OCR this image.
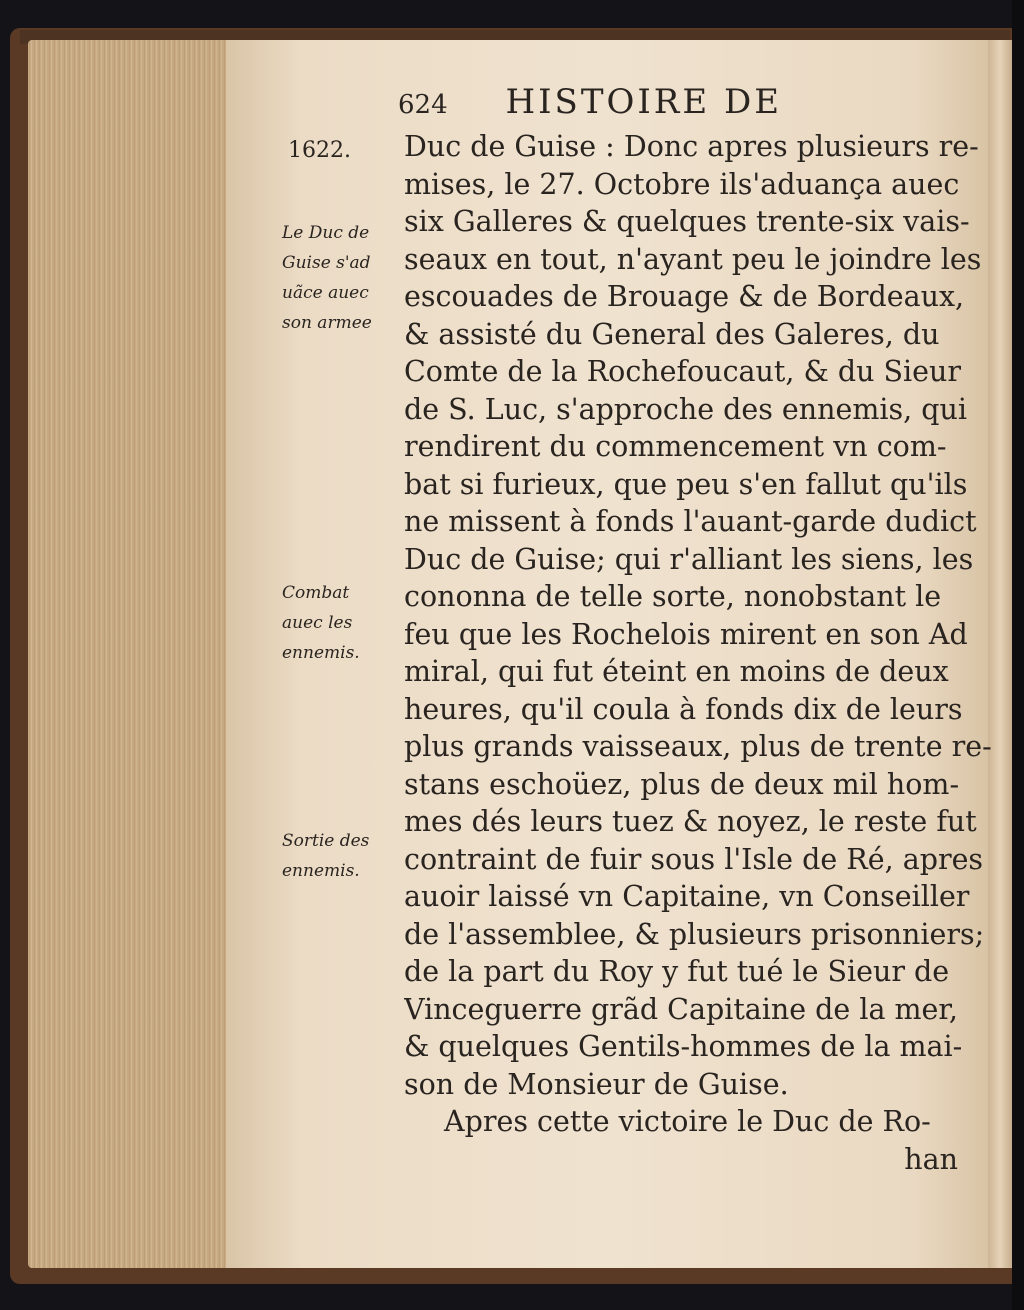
624 HISTOIRE DE
1622.
Le Duc de
Guise s'ad
uãce auec
son armee
Combat
auec les
ennemis.
Sortie des
ennemis.
Duc de Guise : Donc apres plusieurs re-
mises, le 27. Octobre ils'aduança auec
six Galleres & quelques trente-six vais-
seaux en tout, n'ayant peu le joindre les
escouades de Brouage & de Bordeaux,
& assisté du General des Galeres, du
Comte de la Rochefoucaut, & du Sieur
de S. Luc, s'approche des ennemis, qui
rendirent du commencement vn com-
bat si furieux, que peu s'en fallut qu'ils
ne missent à fonds l'auant-garde dudict
Duc de Guise; qui r'alliant les siens, les
cononna de telle sorte, nonobstant le
feu que les Rochelois mirent en son Ad
miral, qui fut éteint en moins de deux
heures, qu'il coula à fonds dix de leurs
plus grands vaisseaux, plus de trente re-
stans eschoüez, plus de deux mil hom-
mes dés leurs tuez & noyez, le reste fut
contraint de fuir sous l'Isle de Ré, apres
auoir laissé vn Capitaine, vn Conseiller
de l'assemblee, & plusieurs prisonniers;
de la part du Roy y fut tué le Sieur de
Vinceguerre grãd Capitaine de la mer,
& quelques Gentils-hommes de la mai-
son de Monsieur de Guise.
Apres cette victoire le Duc de Ro-
han
